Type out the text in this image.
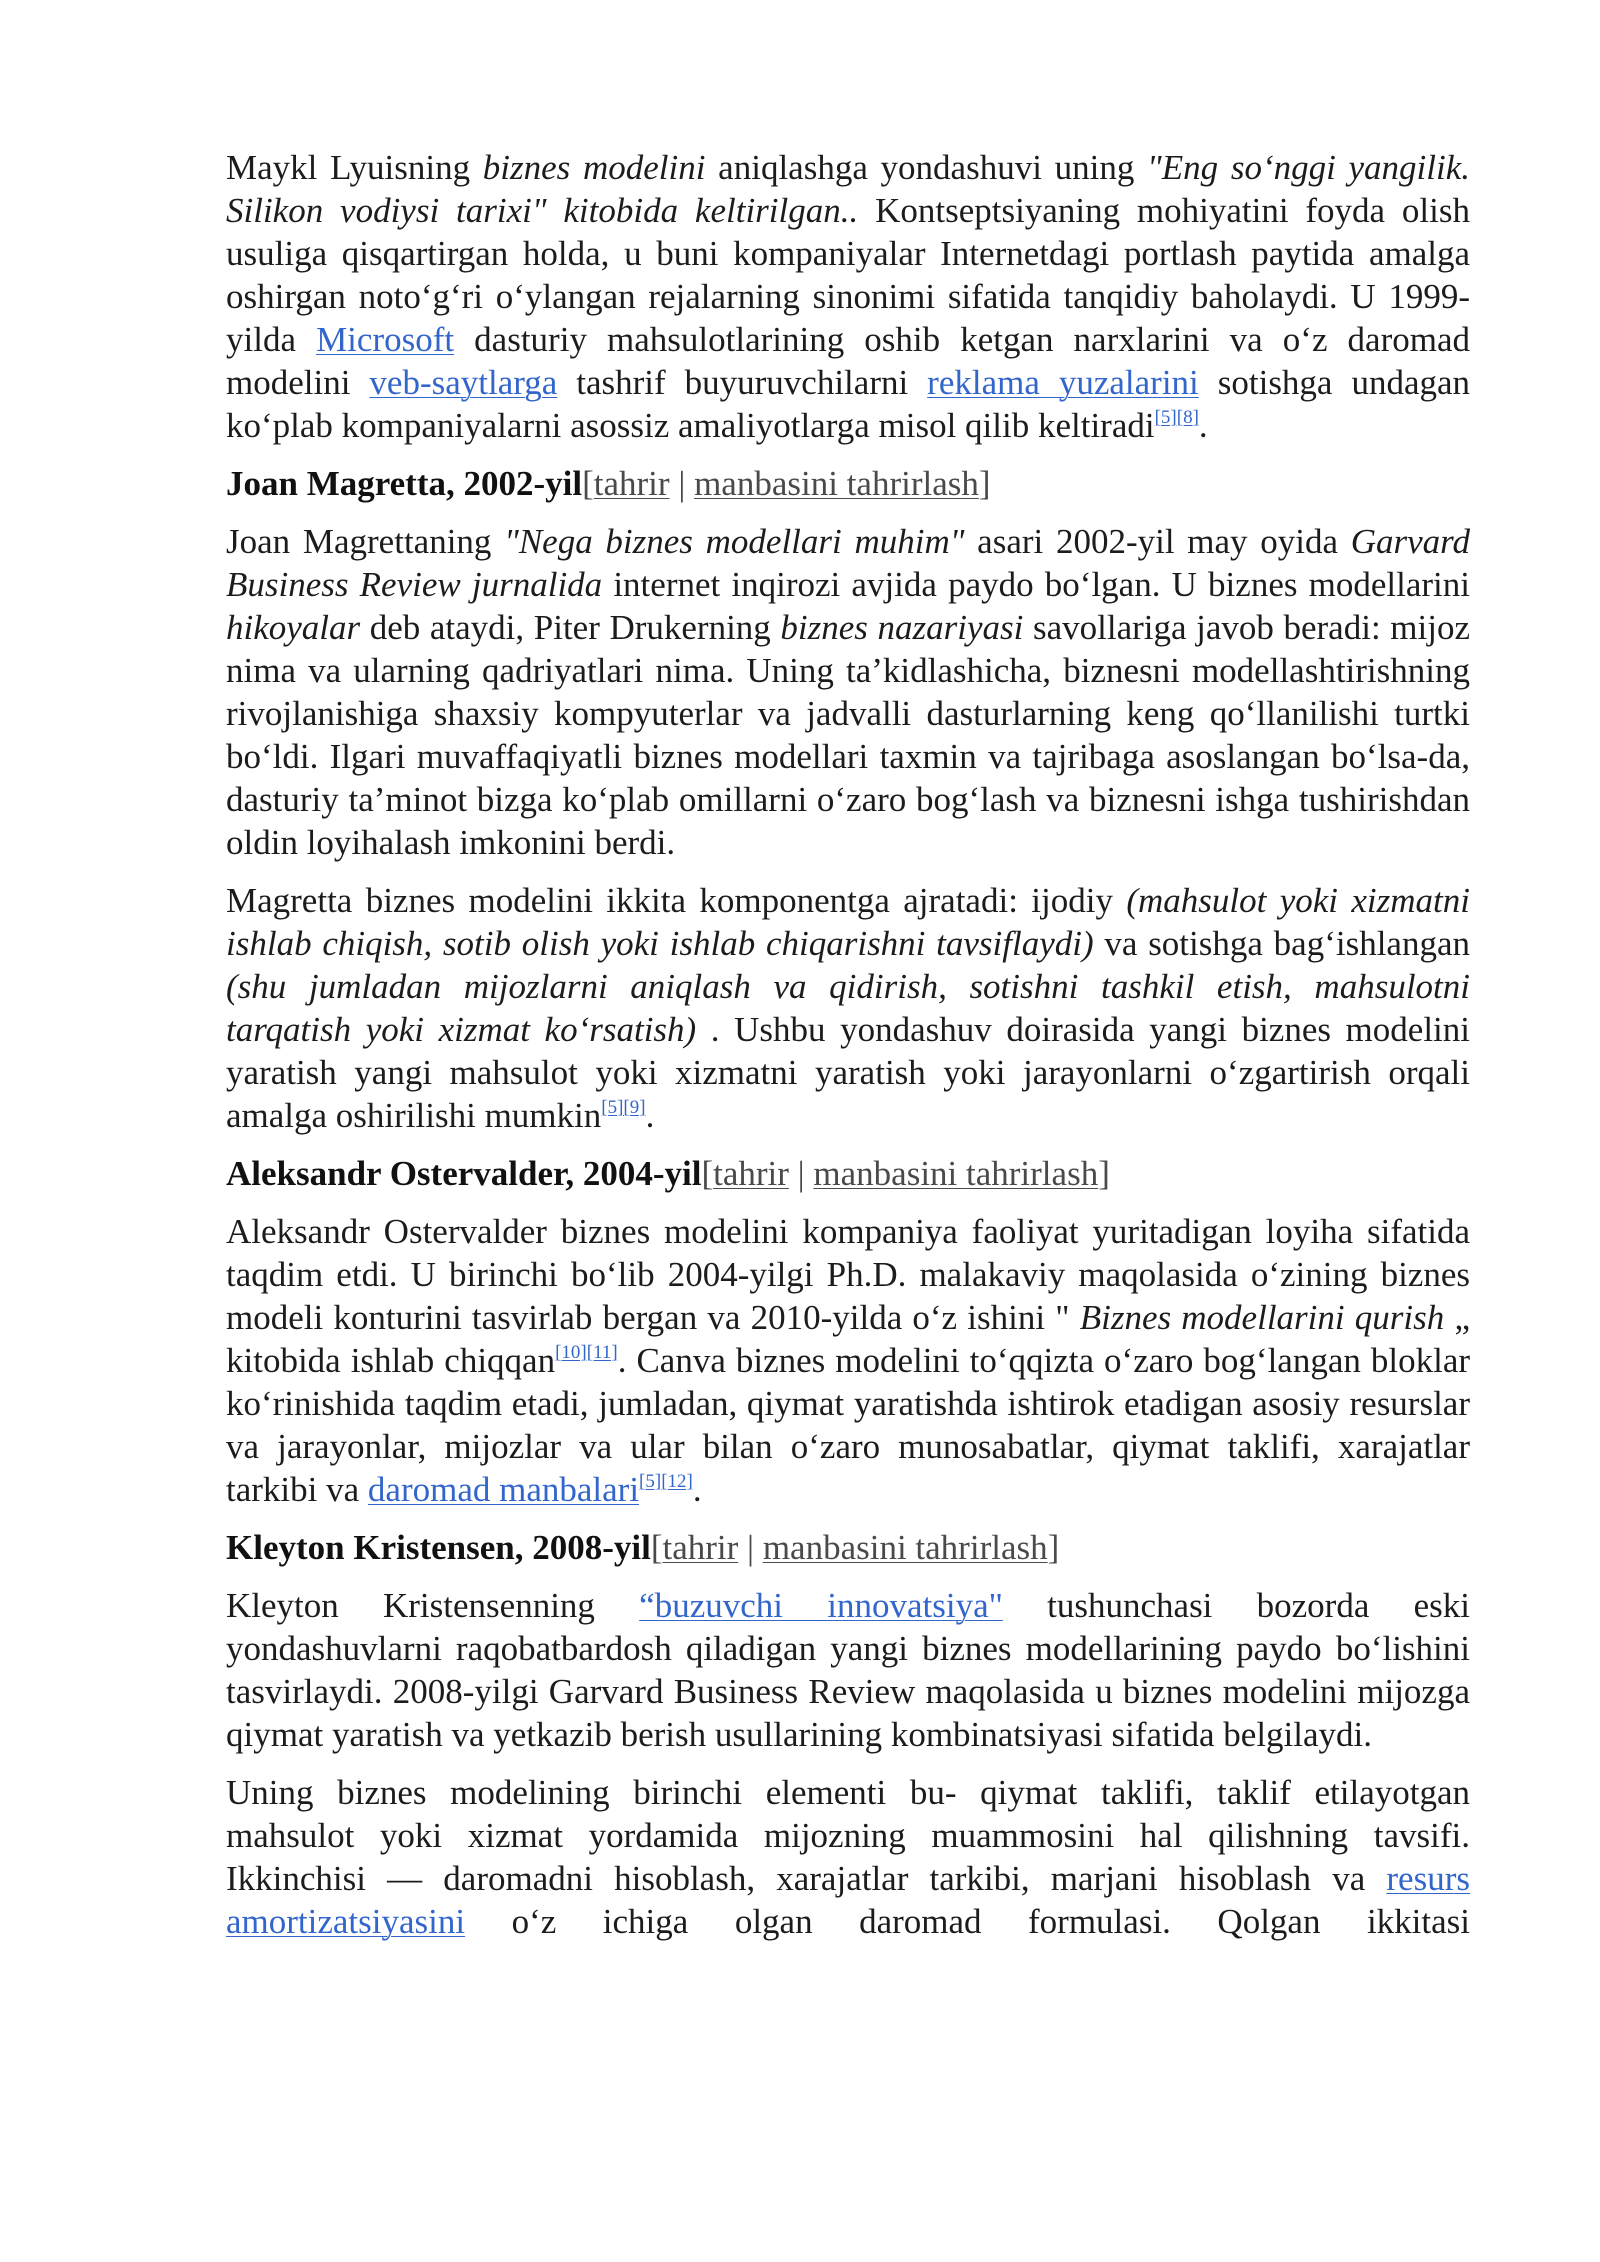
Maykl Lyuisning biznes modelini aniqlashga yondashuvi uning "Eng so‘nggi yangilik. Silikon vodiysi tarixi" kitobida keltirilgan.. Kontseptsiyaning mohiyatini foyda olish usuliga qisqartirgan holda, u buni kompaniyalar Internetdagi portlash paytida amalga oshirgan noto‘g‘ri o‘ylangan rejalarning sinonimi sifatida tanqidiy baholaydi. U 1999-yilda Microsoft dasturiy mahsulotlarining oshib ketgan narxlarini va o‘z daromad modelini veb-saytlarga tashrif buyuruvchilarni reklama yuzalarini sotishga undagan ko‘plab kompaniyalarni asossiz amaliyotlarga misol qilib keltiradi[5][8].

Joan Magretta, 2002-yil[tahrir | manbasini tahrirlash]

Joan Magrettaning "Nega biznes modellari muhim" asari 2002-yil may oyida Garvard Business Review jurnalida internet inqirozi avjida paydo bo‘lgan. U biznes modellarini hikoyalar deb ataydi, Piter Drukerning biznes nazariyasi savollariga javob beradi: mijoz nima va ularning qadriyatlari nima. Uning ta’kidlashicha, biznesni modellashtirishning rivojlanishiga shaxsiy kompyuterlar va jadvalli dasturlarning keng qo‘llanilishi turtki bo‘ldi. Ilgari muvaffaqiyatli biznes modellari taxmin va tajribaga asoslangan bo‘lsa-da, dasturiy ta’minot bizga ko‘plab omillarni o‘zaro bog‘lash va biznesni ishga tushirishdan oldin loyihalash imkonini berdi.

Magretta biznes modelini ikkita komponentga ajratadi: ijodiy (mahsulot yoki xizmatni ishlab chiqish, sotib olish yoki ishlab chiqarishni tavsiflaydi) va sotishga bag‘ishlangan (shu jumladan mijozlarni aniqlash va qidirish, sotishni tashkil etish, mahsulotni tarqatish yoki xizmat ko‘rsatish) . Ushbu yondashuv doirasida yangi biznes modelini yaratish yangi mahsulot yoki xizmatni yaratish yoki jarayonlarni o‘zgartirish orqali amalga oshirilishi mumkin[5][9].

Aleksandr Ostervalder, 2004-yil[tahrir | manbasini tahrirlash]

Aleksandr Ostervalder biznes modelini kompaniya faoliyat yuritadigan loyiha sifatida taqdim etdi. U birinchi bo‘lib 2004-yilgi Ph.D. malakaviy maqolasida o‘zining biznes modeli konturini tasvirlab bergan va 2010-yilda o‘z ishini " Biznes modellarini qurish „ kitobida ishlab chiqqan[10][11]. Canva biznes modelini to‘qqizta o‘zaro bog‘langan bloklar ko‘rinishida taqdim etadi, jumladan, qiymat yaratishda ishtirok etadigan asosiy resurslar va jarayonlar, mijozlar va ular bilan o‘zaro munosabatlar, qiymat taklifi, xarajatlar tarkibi va daromad manbalari[5][12].

Kleyton Kristensen, 2008-yil[tahrir | manbasini tahrirlash]

Kleyton Kristensenning “buzuvchi innovatsiya" tushunchasi bozorda eski yondashuvlarni raqobatbardosh qiladigan yangi biznes modellarining paydo bo‘lishini tasvirlaydi. 2008-yilgi Garvard Business Review maqolasida u biznes modelini mijozga qiymat yaratish va yetkazib berish usullarining kombinatsiyasi sifatida belgilaydi.

Uning biznes modelining birinchi elementi bu- qiymat taklifi, taklif etilayotgan mahsulot yoki xizmat yordamida mijozning muammosini hal qilishning tavsifi. Ikkinchisi — daromadni hisoblash, xarajatlar tarkibi, marjani hisoblash va resurs amortizatsiyasini o‘z ichiga olgan daromad formulasi. Qolgan ikkitasi
